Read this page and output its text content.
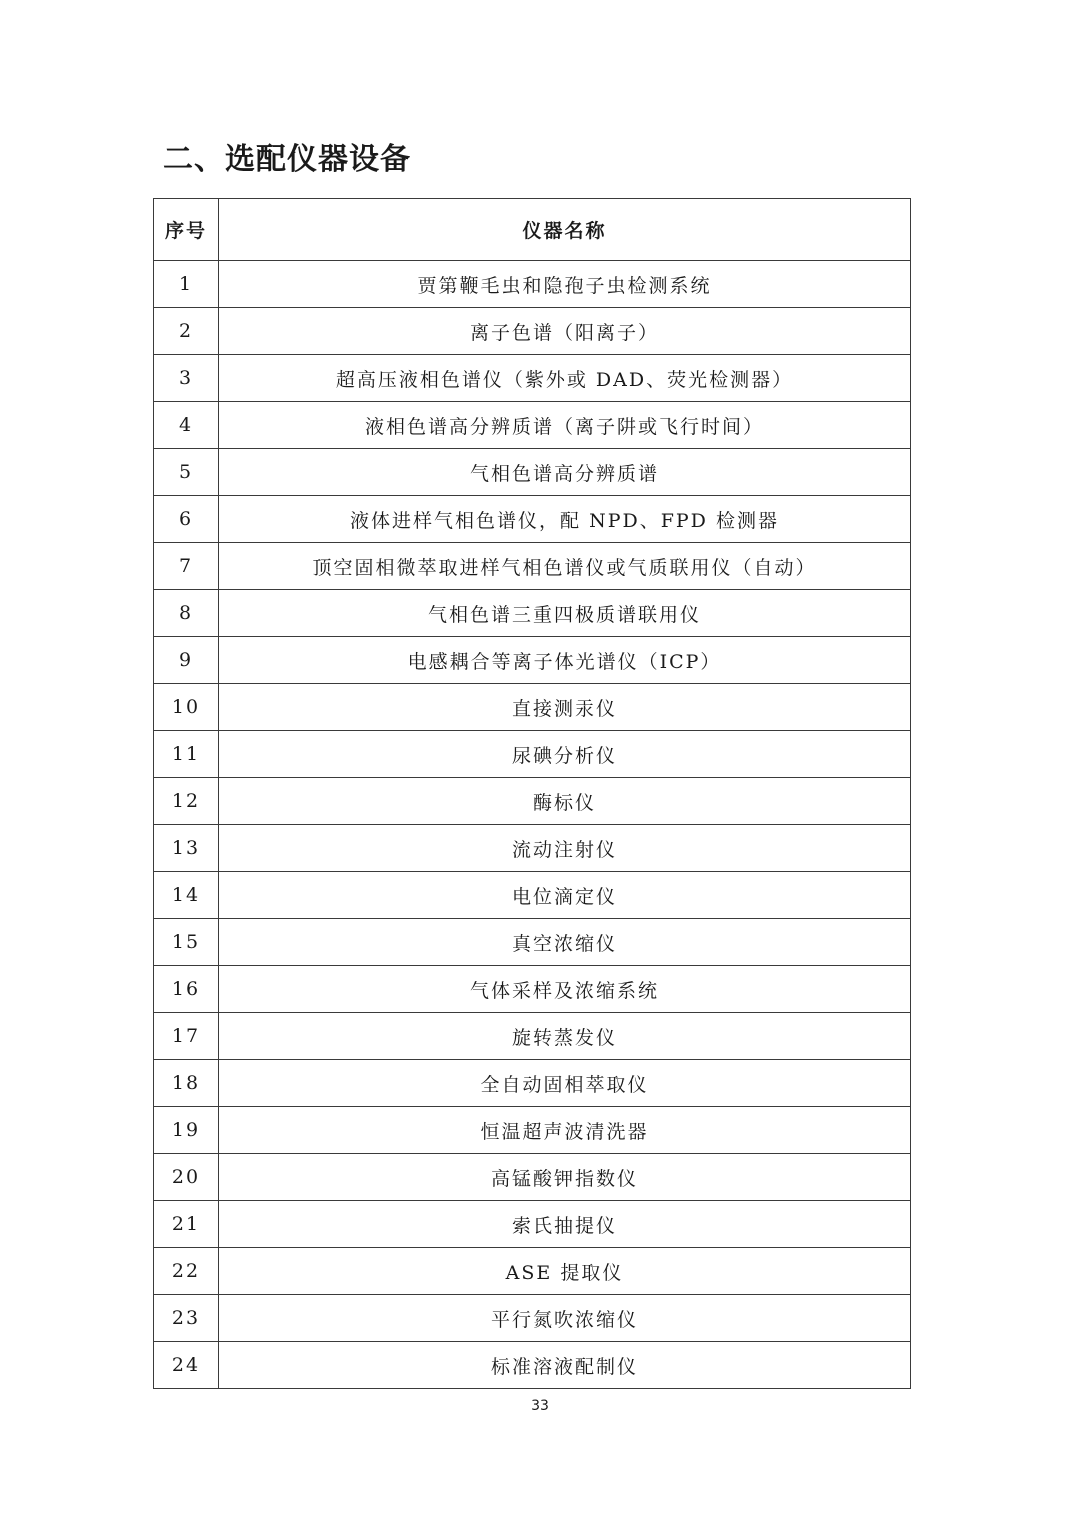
二、选配仪器设备
序号	仪器名称
1	贾第鞭毛虫和隐孢子虫检测系统
2	离子色谱（阳离子）
3	超高压液相色谱仪（紫外或 DAD、荧光检测器）
4	液相色谱高分辨质谱（离子阱或飞行时间）
5	气相色谱高分辨质谱
6	液体进样气相色谱仪，配 NPD、FPD 检测器
7	顶空固相微萃取进样气相色谱仪或气质联用仪（自动）
8	气相色谱三重四极质谱联用仪
9	电感耦合等离子体光谱仪（ICP）
10	直接测汞仪
11	尿碘分析仪
12	酶标仪
13	流动注射仪
14	电位滴定仪
15	真空浓缩仪
16	气体采样及浓缩系统
17	旋转蒸发仪
18	全自动固相萃取仪
19	恒温超声波清洗器
20	高锰酸钾指数仪
21	索氏抽提仪
22	ASE 提取仪
23	平行氮吹浓缩仪
24	标准溶液配制仪
33
